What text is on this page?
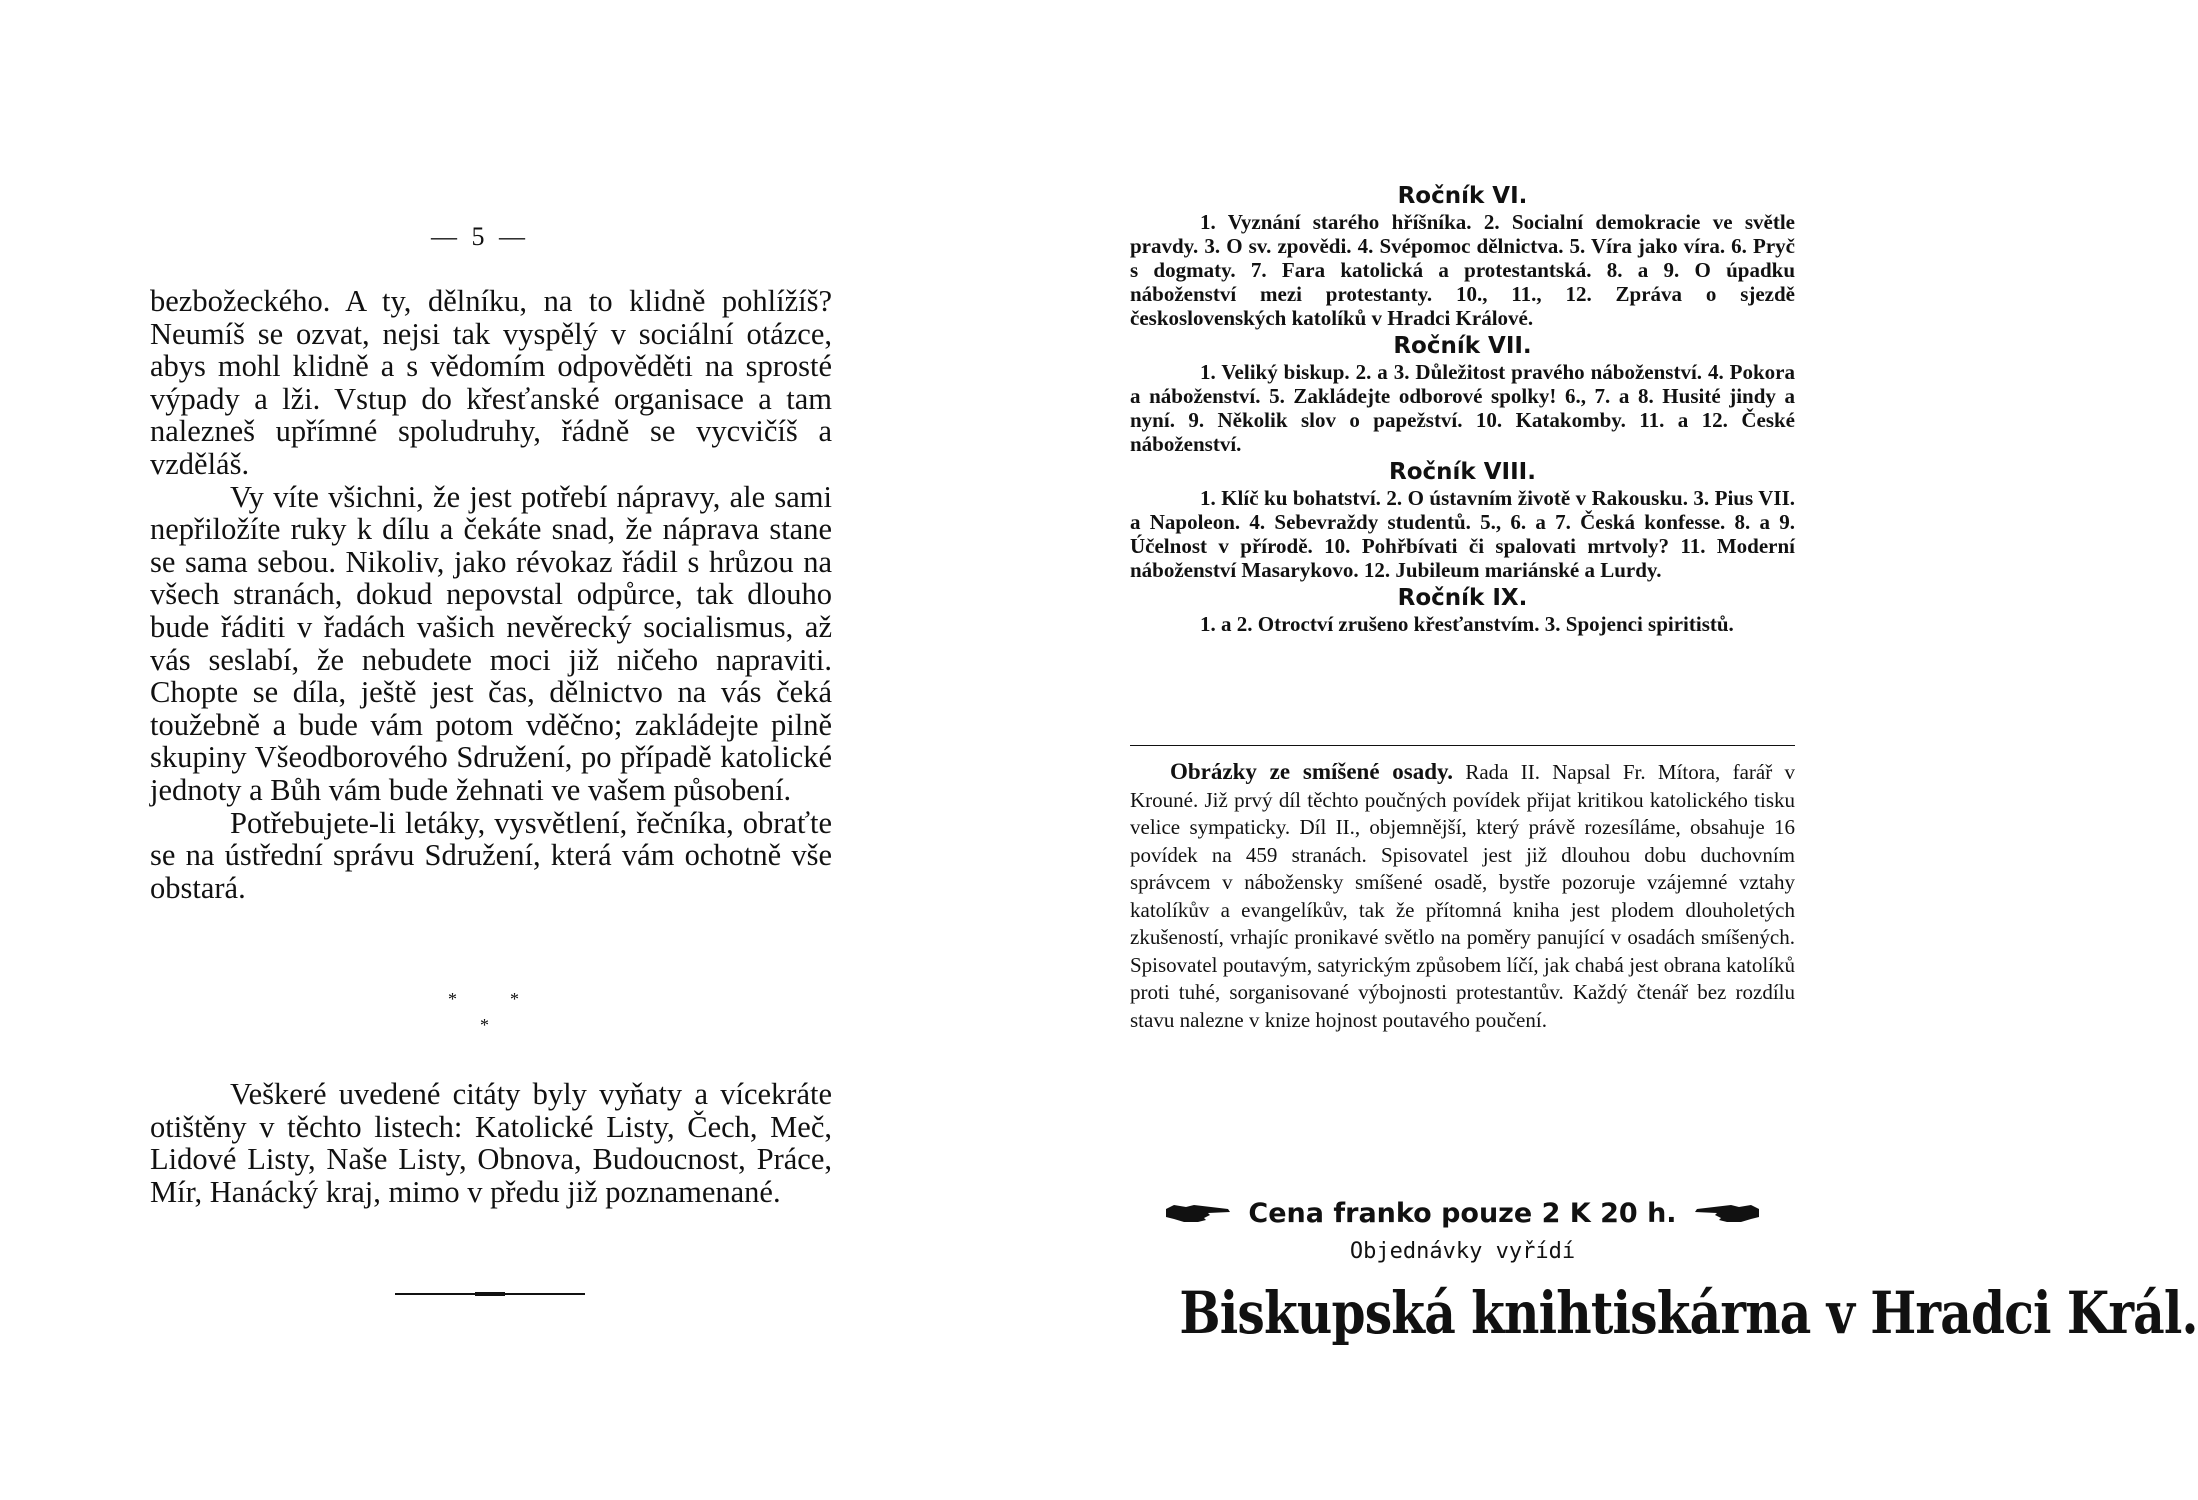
— 5 —

bezbožeckého. A ty, dělníku, na to klidně pohlížíš? Neumíš se ozvat, nejsi tak vyspělý v sociální otázce, abys mohl klidně a s vědomím odpověděti na sprosté výpady a lži. Vstup do křesťanské organisace a tam nalezneš upřímné spoludruhy, řádně se vycvičíš a vzděláš.

Vy víte všichni, že jest potřebí nápravy, ale sami nepřiložíte ruky k dílu a čekáte snad, že náprava stane se sama sebou. Nikoliv, jako révokaz řádil s hrůzou na všech stranách, dokud nepovstal odpůrce, tak dlouho bude řáditi v řadách vašich nevěrecký socialismus, až vás seslabí, že nebudete moci již ničeho napraviti. Chopte se díla, ještě jest čas, dělnictvo na vás čeká toužebně a bude vám potom vděčno; zakládejte pilně skupiny Všeodborového Sdružení, po případě katolické jednoty a Bůh vám bude žehnati ve vašem působení.

Potřebujete-li letáky, vysvětlení, řečníka, obraťte se na ústřední správu Sdružení, která vám ochotně vše obstará.

*	*
*

Veškeré uvedené citáty byly vyňaty a vícekráte otištěny v těchto listech: Katolické Listy, Čech, Meč, Lidové Listy, Naše Listy, Obnova, Budoucnost, Práce, Mír, Hanácký kraj, mimo v předu již poznamenané.

Ročník VI.

1. Vyznání starého hříšníka. 2. Socialní demokracie ve světle pravdy. 3. O sv. zpovědi. 4. Svépomoc dělnictva. 5. Víra jako víra. 6. Pryč s dogmaty. 7. Fara katolická a protestantská. 8. a 9. O úpadku náboženství mezi protestanty. 10., 11., 12. Zpráva o sjezdě československých katolíků v Hradci Králové.

Ročník VII.

1. Veliký biskup. 2. a 3. Důležitost pravého náboženství. 4. Pokora a náboženství. 5. Zakládejte odborové spolky! 6., 7. a 8. Husité jindy a nyní. 9. Několik slov o papežství. 10. Katakomby. 11. a 12. České náboženství.

Ročník VIII.

1. Klíč ku bohatství. 2. O ústavním životě v Rakousku. 3. Pius VII. a Napoleon. 4. Sebevraždy studentů. 5., 6. a 7. Česká konfesse. 8. a 9. Účelnost v přírodě. 10. Pohřbívati či spalovati mrtvoly? 11. Moderní náboženství Masarykovo. 12. Jubileum mariánské a Lurdy.

Ročník IX.

1. a 2. Otroctví zrušeno křesťanstvím. 3. Spojenci spiritistů.

Obrázky ze smíšené osady. Rada II. Napsal Fr. Mítora, farář v Krouné. Již prvý díl těchto poučných povídek přijat kritikou katolického tisku velice sympaticky. Díl II., objemnější, který právě rozesíláme, obsahuje 16 povídek na 459 stranách. Spisovatel jest již dlouhou dobu duchovním správcem v nábožensky smíšené osadě, bystře pozoruje vzájemné vztahy katolíkův a evangelíkův, tak že přítomná kniha jest plodem dlouholetých zkušeností, vrhajíc pronikavé světlo na poměry panující v osadách smíšených. Spisovatel poutavým, satyrickým způsobem líčí, jak chabá jest obrana katolíků proti tuhé, sorganisované výbojnosti protestantův. Každý čtenář bez rozdílu stavu nalezne v knize hojnost poutavého poučení.

Cena franko pouze 2 K 20 h.
Objednávky vyřídí
Biskupská knihtiskárna v Hradci Král.
